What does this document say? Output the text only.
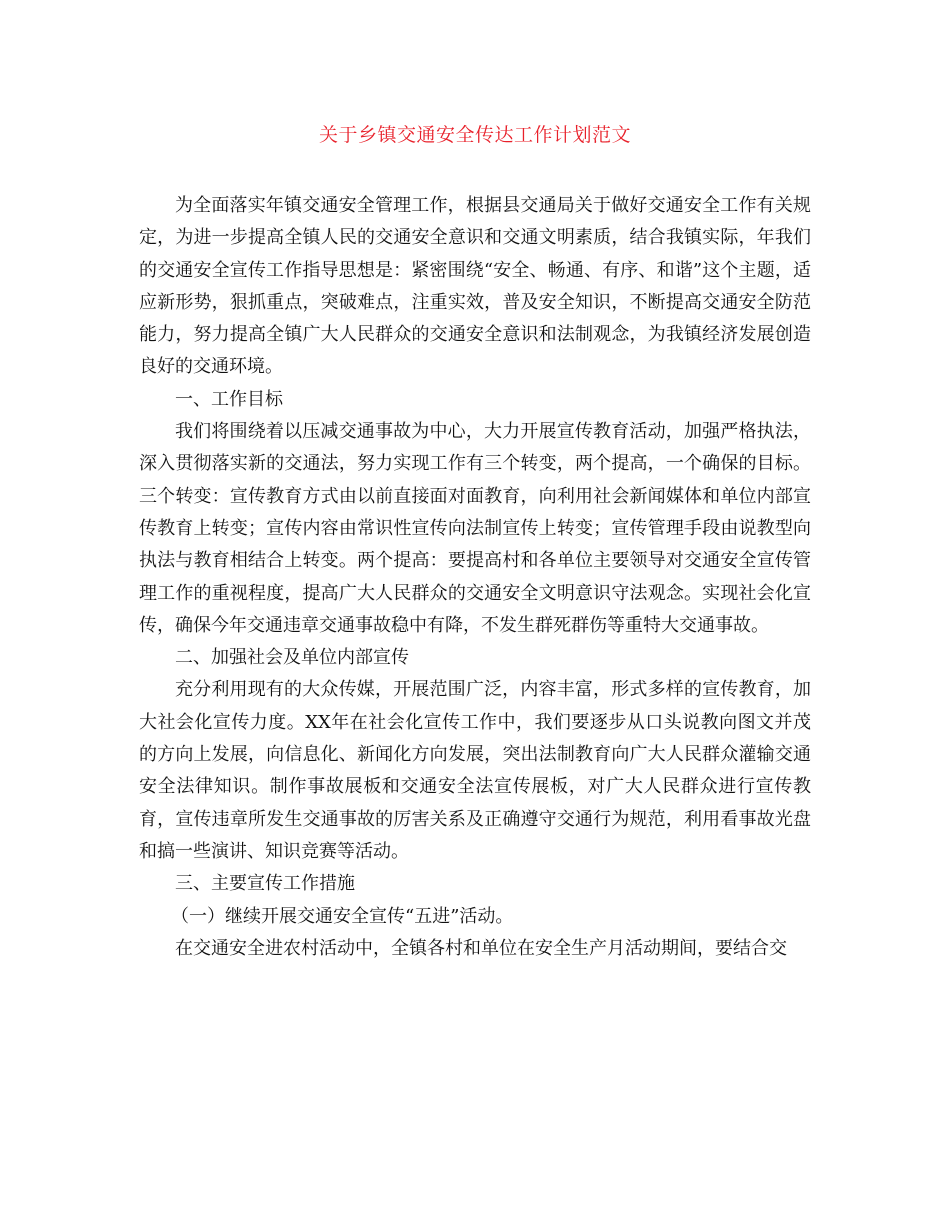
关于乡镇交通安全传达工作计划范文

为全面落实年镇交通安全管理工作，根据县交通局关于做好交通安全工作有关规定，为进一步提高全镇人民的交通安全意识和交通文明素质，结合我镇实际，年我们的交通安全宣传工作指导思想是：紧密围绕“安全、畅通、有序、和谐”这个主题，适应新形势，狠抓重点，突破难点，注重实效，普及安全知识，不断提高交通安全防范能力，努力提高全镇广大人民群众的交通安全意识和法制观念，为我镇经济发展创造良好的交通环境。

一、工作目标

我们将围绕着以压减交通事故为中心，大力开展宣传教育活动，加强严格执法，深入贯彻落实新的交通法，努力实现工作有三个转变，两个提高，一个确保的目标。三个转变：宣传教育方式由以前直接面对面教育，向利用社会新闻媒体和单位内部宣传教育上转变；宣传内容由常识性宣传向法制宣传上转变；宣传管理手段由说教型向执法与教育相结合上转变。两个提高：要提高村和各单位主要领导对交通安全宣传管理工作的重视程度，提高广大人民群众的交通安全文明意识守法观念。实现社会化宣传，确保今年交通违章交通事故稳中有降，不发生群死群伤等重特大交通事故。

二、加强社会及单位内部宣传

充分利用现有的大众传媒，开展范围广泛，内容丰富，形式多样的宣传教育，加大社会化宣传力度。XX年在社会化宣传工作中，我们要逐步从口头说教向图文并茂的方向上发展，向信息化、新闻化方向发展，突出法制教育向广大人民群众灌输交通安全法律知识。制作事故展板和交通安全法宣传展板，对广大人民群众进行宣传教育，宣传违章所发生交通事故的厉害关系及正确遵守交通行为规范，利用看事故光盘和搞一些演讲、知识竞赛等活动。

三、主要宣传工作措施

（一）继续开展交通安全宣传“五进”活动。

在交通安全进农村活动中，全镇各村和单位在安全生产月活动期间，要结合交
